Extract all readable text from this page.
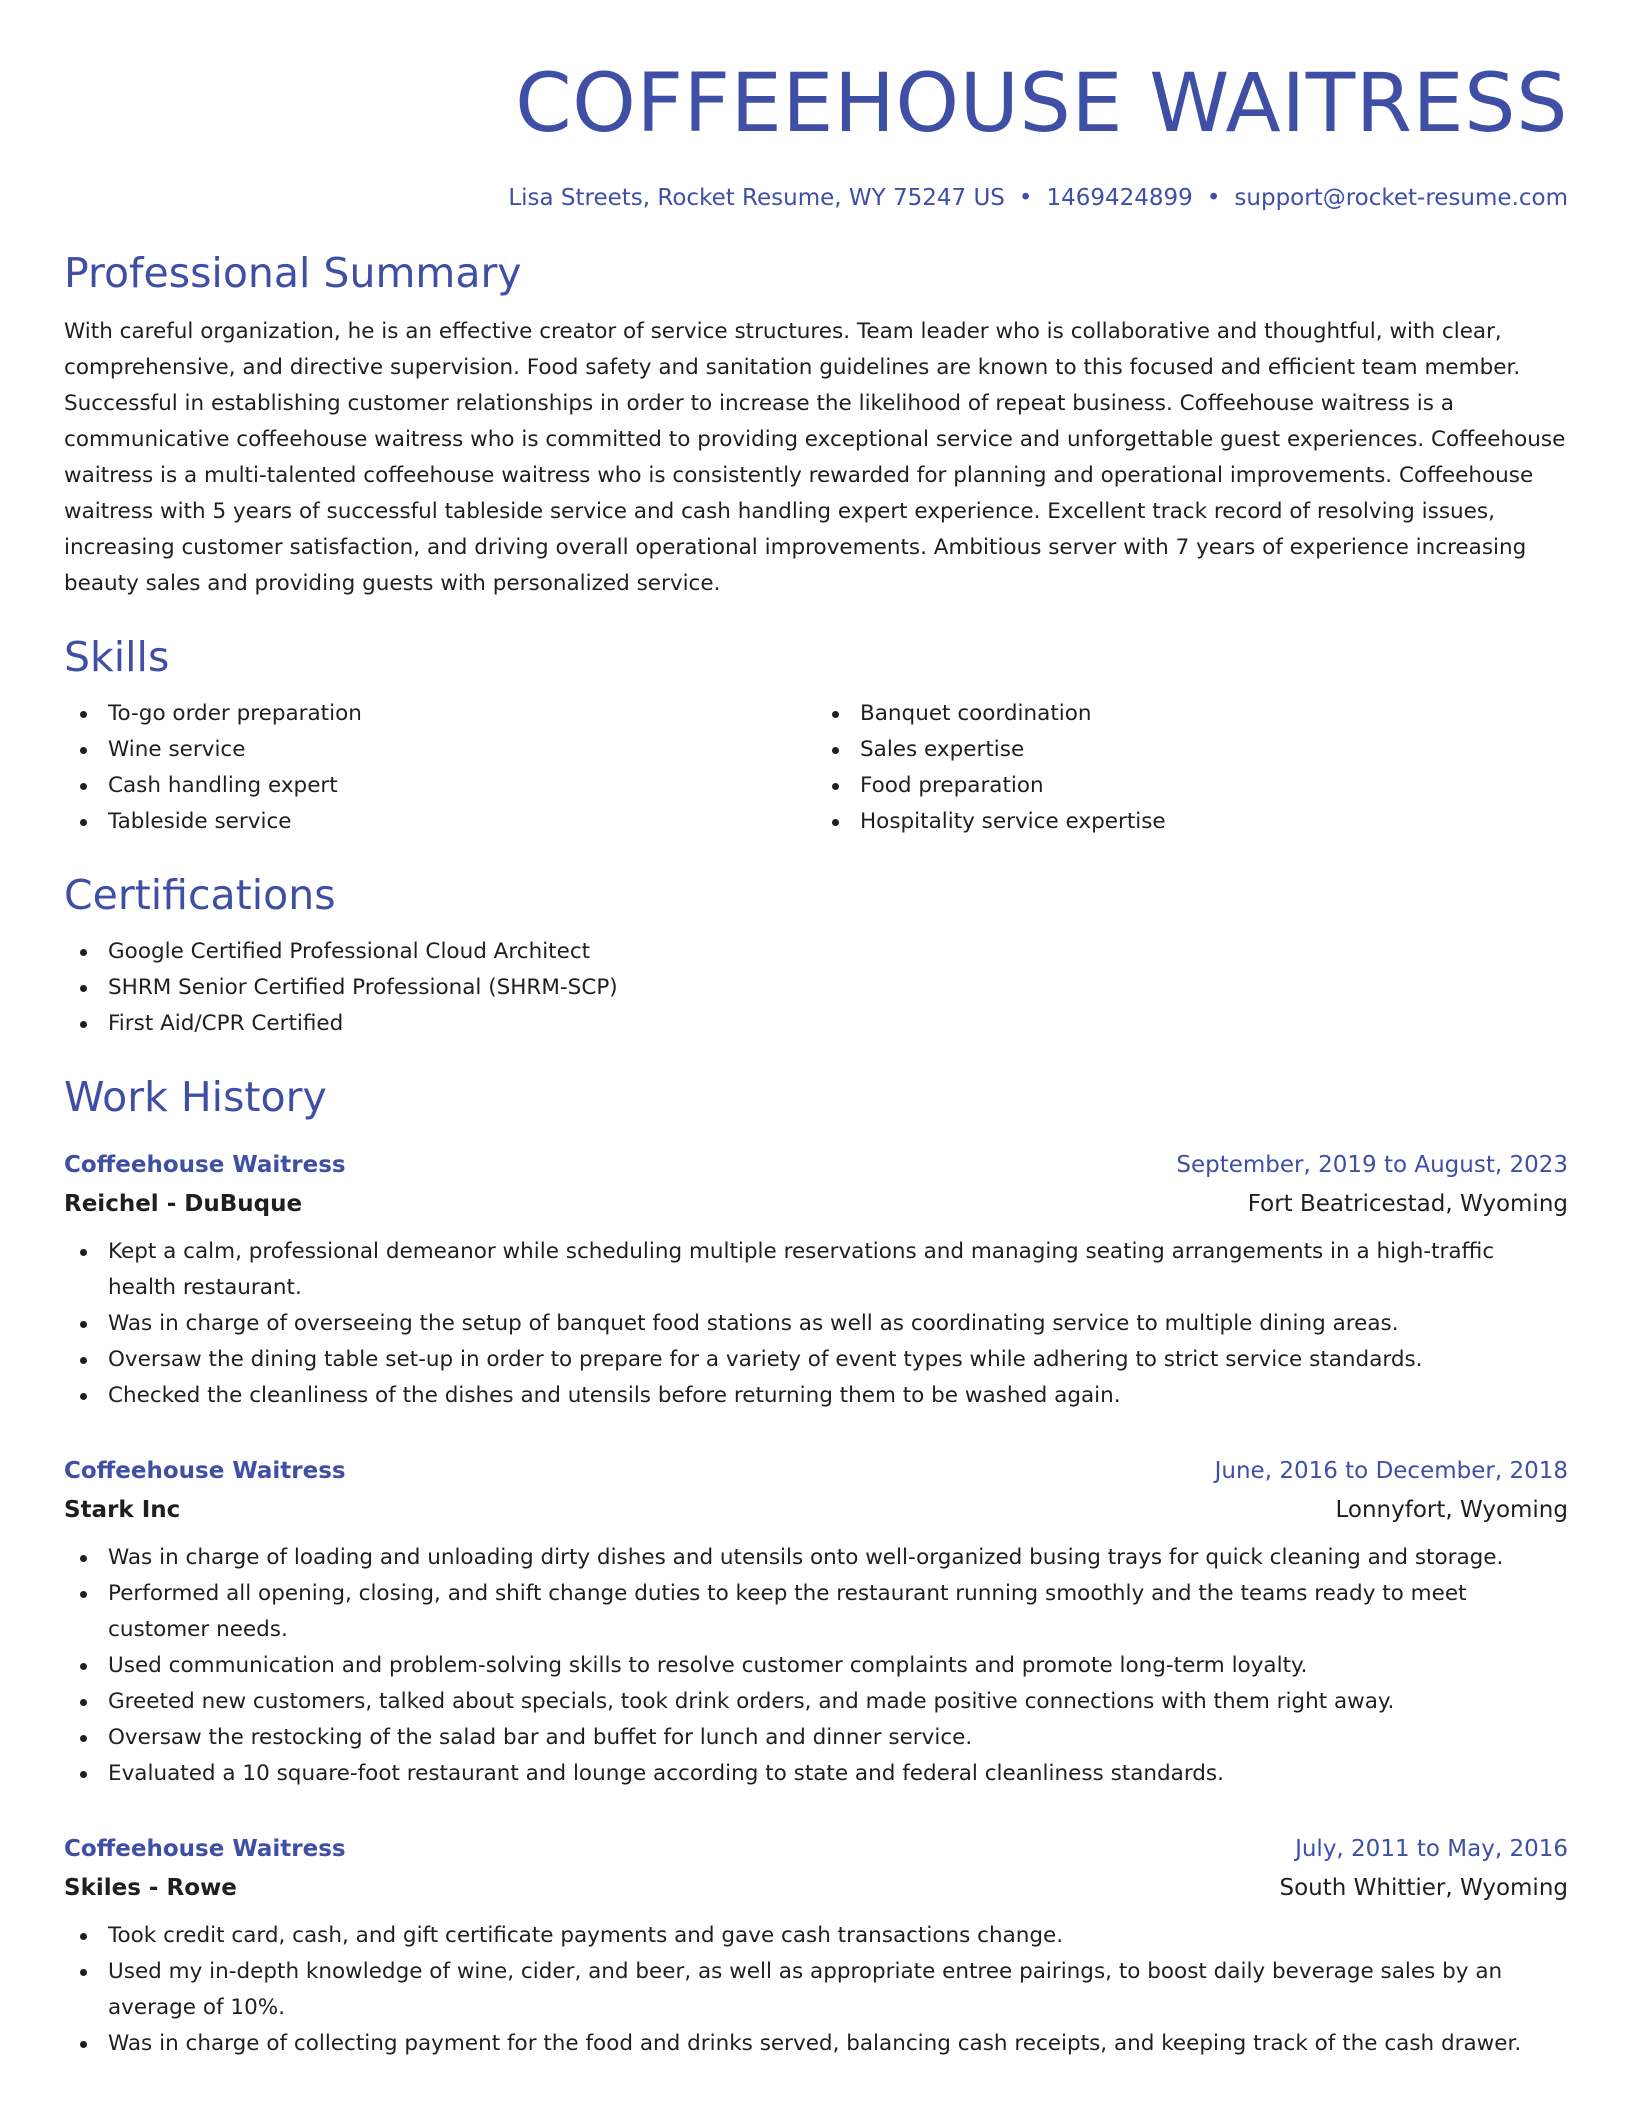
COFFEEHOUSE WAITRESS
Lisa Streets, Rocket Resume, WY 75247 US • 1469424899 • support@rocket-resume.com
Professional Summary

With careful organization, he is an effective creator of service structures. Team leader who is collaborative and thoughtful, with clear, comprehensive, and directive supervision. Food safety and sanitation guidelines are known to this focused and efficient team member. Successful in establishing customer relationships in order to increase the likelihood of repeat business. Coffeehouse waitress is a communicative coffeehouse waitress who is committed to providing exceptional service and unforgettable guest experiences. Coffeehouse waitress is a multi-talented coffeehouse waitress who is consistently rewarded for planning and operational improvements. Coffeehouse waitress with 5 years of successful tableside service and cash handling expert experience. Excellent track record of resolving issues, increasing customer satisfaction, and driving overall operational improvements. Ambitious server with 7 years of experience increasing beauty sales and providing guests with personalized service.

Skills
To-go order preparation
Wine service
Cash handling expert
Tableside service
Banquet coordination
Sales expertise
Food preparation
Hospitality service expertise
Certifications
Google Certified Professional Cloud Architect
SHRM Senior Certified Professional (SHRM-SCP)
First Aid/CPR Certified
Work History
Coffeehouse Waitress	September, 2019 to August, 2023
Reichel - DuBuque	Fort Beatricestad, Wyoming
Kept a calm, professional demeanor while scheduling multiple reservations and managing seating arrangements in a high-traffic health restaurant.
Was in charge of overseeing the setup of banquet food stations as well as coordinating service to multiple dining areas.
Oversaw the dining table set-up in order to prepare for a variety of event types while adhering to strict service standards.
Checked the cleanliness of the dishes and utensils before returning them to be washed again.
Coffeehouse Waitress	June, 2016 to December, 2018
Stark Inc	Lonnyfort, Wyoming
Was in charge of loading and unloading dirty dishes and utensils onto well-organized busing trays for quick cleaning and storage.
Performed all opening, closing, and shift change duties to keep the restaurant running smoothly and the teams ready to meet customer needs.
Used communication and problem-solving skills to resolve customer complaints and promote long-term loyalty.
Greeted new customers, talked about specials, took drink orders, and made positive connections with them right away.
Oversaw the restocking of the salad bar and buffet for lunch and dinner service.
Evaluated a 10 square-foot restaurant and lounge according to state and federal cleanliness standards.
Coffeehouse Waitress	July, 2011 to May, 2016
Skiles - Rowe	South Whittier, Wyoming
Took credit card, cash, and gift certificate payments and gave cash transactions change.
Used my in-depth knowledge of wine, cider, and beer, as well as appropriate entree pairings, to boost daily beverage sales by an average of 10%.
Was in charge of collecting payment for the food and drinks served, balancing cash receipts, and keeping track of the cash drawer.
